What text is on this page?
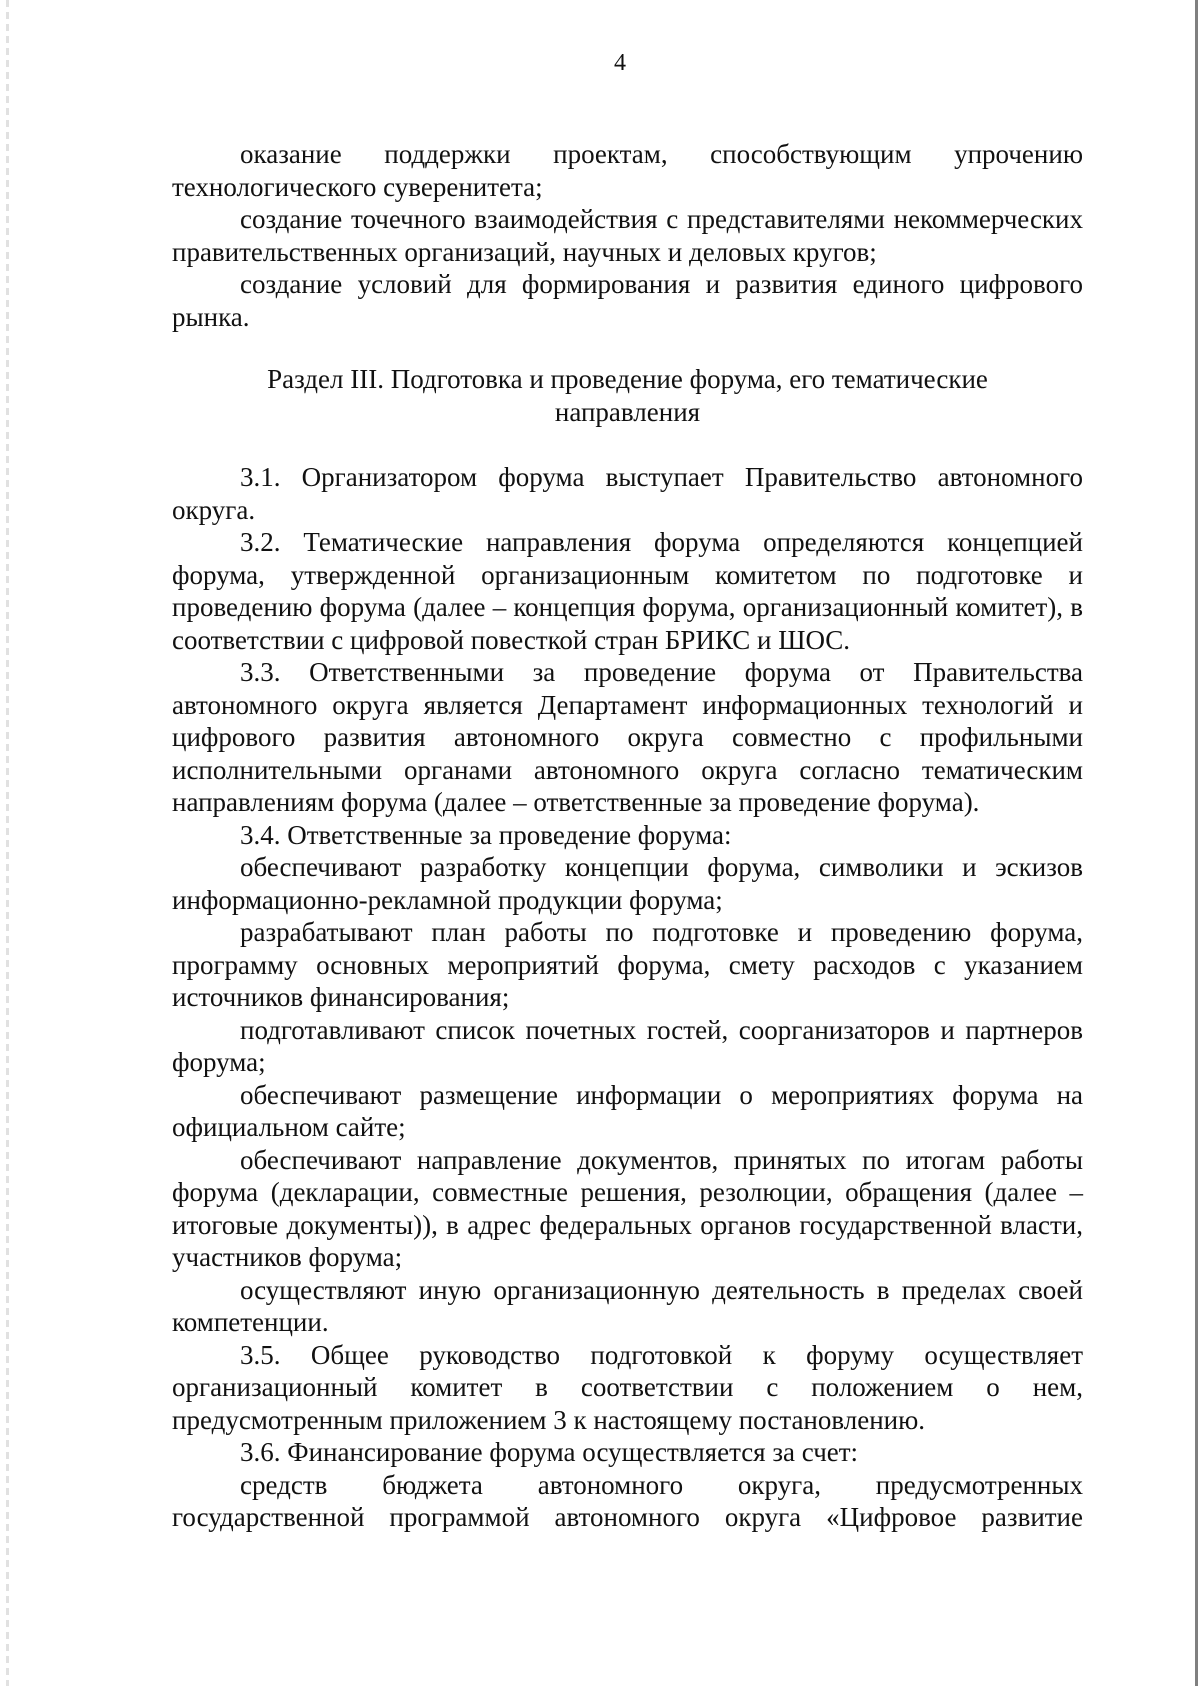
4

оказание поддержки проектам, способствующим упрочению технологического суверенитета;

создание точечного взаимодействия с представителями некоммерческих правительственных организаций, научных и деловых кругов;

создание условий для формирования и развития единого цифрового рынка.

Раздел III. Подготовка и проведение форума, его тематические
направления

3.1. Организатором форума выступает Правительство автономного округа.

3.2. Тематические направления форума определяются концепцией форума, утвержденной организационным комитетом по подготовке и проведению форума (далее – концепция форума, организационный комитет), в соответствии с цифровой повесткой стран БРИКС и ШОС.

3.3. Ответственными за проведение форума от Правительства автономного округа является Департамент информационных технологий и цифрового развития автономного округа совместно с профильными исполнительными органами автономного округа согласно тематическим направлениям форума (далее – ответственные за проведение форума).

3.4. Ответственные за проведение форума:

обеспечивают разработку концепции форума, символики и эскизов информационно-рекламной продукции форума;

разрабатывают план работы по подготовке и проведению форума, программу основных мероприятий форума, смету расходов с указанием источников финансирования;

подготавливают список почетных гостей, соорганизаторов и партнеров форума;

обеспечивают размещение информации о мероприятиях форума на официальном сайте;

обеспечивают направление документов, принятых по итогам работы форума (декларации, совместные решения, резолюции, обращения (далее – итоговые документы)), в адрес федеральных органов государственной власти, участников форума;

осуществляют иную организационную деятельность в пределах своей компетенции.

3.5. Общее руководство подготовкой к форуму осуществляет организационный комитет в соответствии с положением о нем, предусмотренным приложением 3 к настоящему постановлению.

3.6. Финансирование форума осуществляется за счет:

средств бюджета автономного округа, предусмотренных государственной программой автономного округа «Цифровое развитие
